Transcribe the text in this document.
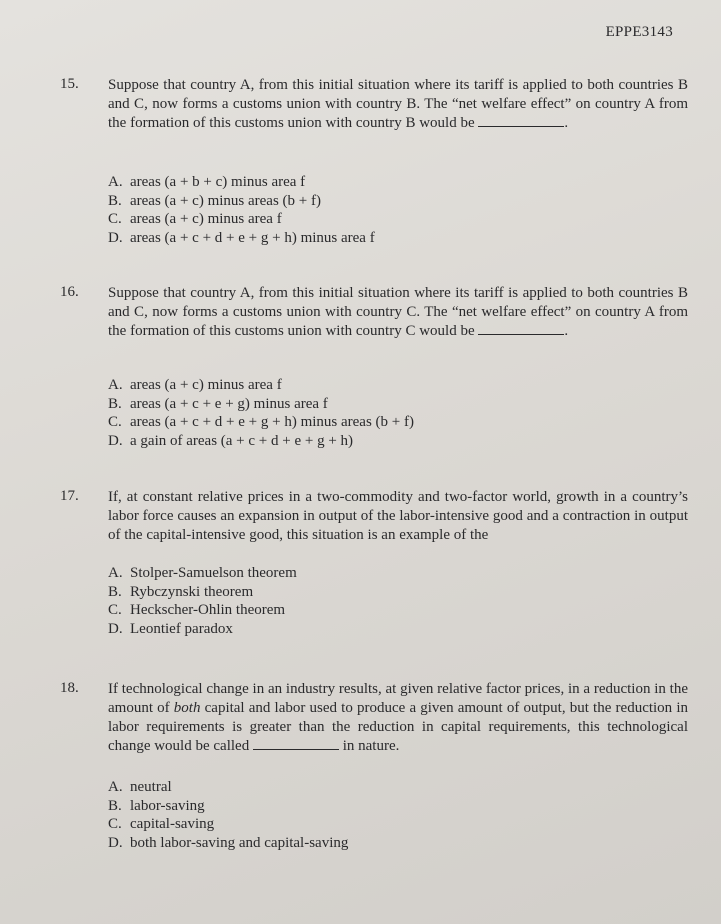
EPPE3143
15. Suppose that country A, from this initial situation where its tariff is applied to both countries B and C, now forms a customs union with country B. The “net welfare effect” on country A from the formation of this customs union with country B would be	.
A. areas (a + b + c) minus area f
B. areas (a + c) minus areas (b + f)
C. areas (a + c) minus area f
D. areas (a + c + d + e + g + h) minus area f
16. Suppose that country A, from this initial situation where its tariff is applied to both countries B and C, now forms a customs union with country C. The “net welfare effect” on country A from the formation of this customs union with country C would be	.
A. areas (a + c) minus area f
B. areas (a + c + e + g) minus area f
C. areas (a + c + d + e + g + h) minus areas (b + f)
D. a gain of areas (a + c + d + e + g + h)
17. If, at constant relative prices in a two-commodity and two-factor world, growth in a country’s labor force causes an expansion in output of the labor-intensive good and a contraction in output of the capital-intensive good, this situation is an example of the
A. Stolper-Samuelson theorem
B. Rybczynski theorem
C. Heckscher-Ohlin theorem
D. Leontief paradox
18. If technological change in an industry results, at given relative factor prices, in a reduction in the amount of both capital and labor used to produce a given amount of output, but the reduction in labor requirements is greater than the reduction in capital requirements, this technological change would be called	in nature.
A. neutral
B. labor-saving
C. capital-saving
D. both labor-saving and capital-saving
